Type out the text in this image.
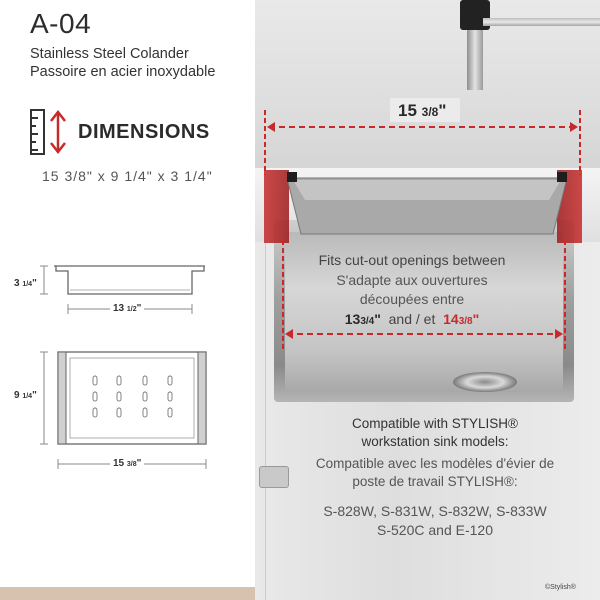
A-04
Stainless Steel Colander
Passoire en acier inoxydable
DIMENSIONS
15 3/8" x 9 1/4" x 3 1/4"
3 1/4"
13 1/2"
9 1/4"
15 3/8"
15 3/8"
Fits cut-out openings between
S'adapte aux ouvertures
découpées entre
133/4" and / et 143/8"
Compatible with STYLISH®
workstation sink models:
Compatible avec les modèles d'évier de
poste de travail STYLISH®:
S-828W, S-831W, S-832W, S-833W
S-520C and E-120
©Stylish®
